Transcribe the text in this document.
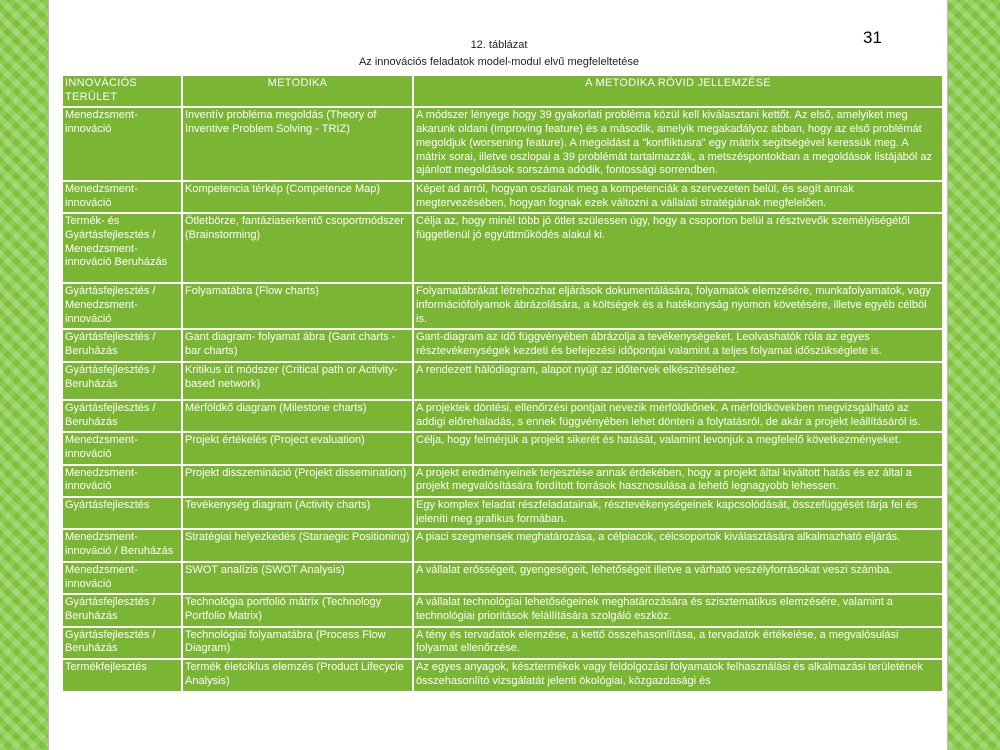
31
12. táblázat
Az innovációs feladatok model-modul elvű megfeleltetése
INNOVÁCIÓS TERÜLET	METODIKA	A METODIKA RÖVID JELLEMZÉSE
Menedzsment-innováció	Inventív probléma megoldás (Theory of Inventive Problem Solving - TRIZ)	A módszer lényege hogy 39 gyakorlati probléma közül kell kiválasztani kettőt. Az első, amelyiket meg akarunk oldani (improving feature) és a második, amelyik megakadályoz abban, hogy az első problémát megoldjuk (worsening feature). A megoldást a "konfliktusra" egy mátrix segítségével keressük meg. A mátrix sorai, illetve oszlopai a 39 problémát tartalmazzák, a metszéspontokban a megoldások listájából az ajánlott megoldások sorszáma adódik, fontossági sorrendben.
Menedzsment-innováció	Kompetencia térkép (Competence Map)	Képet ad arról, hogyan oszlanak meg a kompetenciák a szervezeten belül, és segít annak megtervezésében, hogyan fognak ezek változni a vállalati stratégiának megfelelően.
Termék- és Gyártásfejlesztés / Menedzsment-innováció Beruházás	Ötletbörze, fantáziaserkentő csoportmódszer (Brainstorming)	Célja az, hogy minél több jó ötlet szülessen úgy, hogy a csoporton belül a résztvevők személyiségétől függetlenül jó együttműködés alakul ki.
Gyártásfejlesztés / Menedzsment-innováció	Folyamatábra (Flow charts)	Folyamatábrákat létrehozhat eljárások dokumentálására, folyamatok elemzésére, munkafolyamatok, vagy információfolyamok ábrázolására, a költségek és a hatékonyság nyomon követésére, illetve egyéb célból is.
Gyártásfejlesztés / Beruházás	Gant diagram- folyamat ábra (Gant charts - bar charts)	Gant-diagram az idő függvényében ábrázolja a tevékenységeket. Leolvashatók róla az egyes résztevékenységek kezdeti és befejezési időpontjai valamint a teljes folyamat időszükséglete is.
Gyártásfejlesztés / Beruházás	Kritikus út módszer (Critical path or Activity-based network)	A rendezett hálódiagram, alapot nyújt az időtervek elkészítéséhez.
Gyártásfejlesztés / Beruházás	Mérföldkő diagram (Milestone charts)	A projektek döntési, ellenőrzési pontjait nevezik mérföldkőnek. A mérföldkövekben megvizsgálható az addigi előrehaladás, s ennek függvényében lehet dönteni a folytatásról, de akár a projekt leállításáról is.
Menedzsment-innováció	Projekt értékelés (Project evaluation)	Célja, hogy felmérjük a projekt sikerét és hatását, valamint levonjuk a megfelelő következményeket.
Menedzsment-innováció	Projekt disszemináció (Projekt dissemination)	A projekt eredményeinek terjesztése annak érdekében, hogy a projekt által kiváltott hatás és ez által a projekt megvalósítására fordított források hasznosulása a lehető legnagyobb lehessen.
Gyártásfejlesztés	Tevékenység diagram (Activity charts)	Egy komplex feladat részfeladatainak, résztevékenységeinek kapcsolódását, összefüggését tárja fel és jeleníti meg grafikus formában.
Menedzsment-innováció / Beruházás	Stratégiai helyezkedés (Staraegic Positioning)	A piaci szegmensek meghatározása, a célpiacok, célcsoportok kiválasztására alkalmazható eljárás.
Menedzsment-innováció	SWOT analízis (SWOT Analysis)	A vállalat erősségeit, gyengeségeit, lehetőségeit illetve a várható veszélyforrásokat veszi számba.
Gyártásfejlesztés / Beruházás	Technológia portfolió mátrix (Technology Portfolio Matrix)	A vállalat technológiai lehetőségeinek meghatározására és szisztematikus elemzésére, valamint a technológiai prioritások felállítására szolgáló eszköz.
Gyártásfejlesztés / Beruházás	Technológiai folyamatábra (Process Flow Diagram)	A tény és tervadatok elemzése, a kettő összehasonlítása, a tervadatok értékelése, a megvalósulási folyamat ellenőrzése.
Termékfejlesztés	Termék életciklus elemzés (Product Lifecycle Analysis)	Az egyes anyagok, késztermékek vagy feldolgozási folyamatok felhasználási és alkalmazási területének összehasonlító vizsgálatát jelenti ökológiai, közgazdasági és
